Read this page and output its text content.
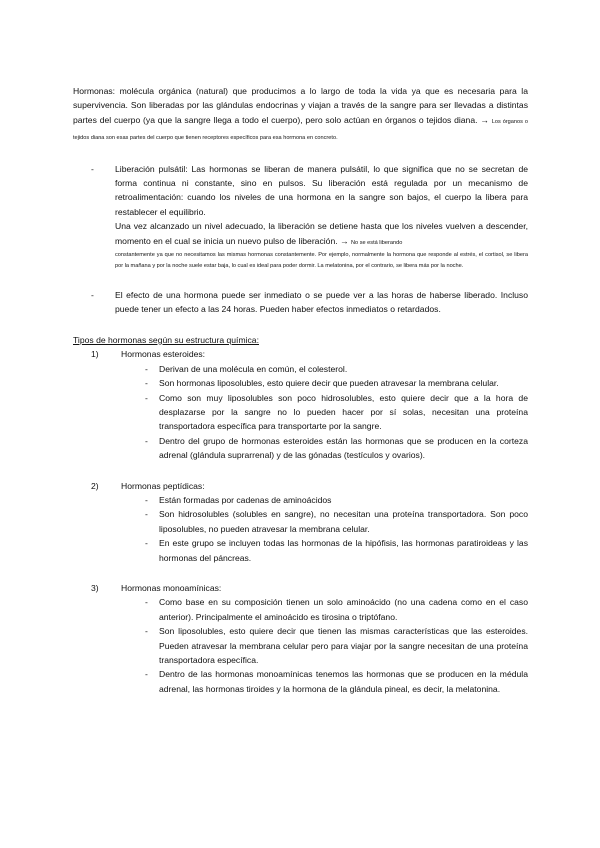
Hormonas: molécula orgánica (natural) que producimos a lo largo de toda la vida ya que es necesaria para la supervivencia. Son liberadas por las glándulas endocrinas y viajan a través de la sangre para ser llevadas a distintas partes del cuerpo (ya que la sangre llega a todo el cuerpo), pero solo actúan en órganos o tejidos diana. → Los órganos o tejidos diana son esas partes del cuerpo que tienen receptores específicos para esa hormona en concreto.

-	Liberación pulsátil: Las hormonas se liberan de manera pulsátil, lo que significa que no se secretan de forma continua ni constante, sino en pulsos. Su liberación está regulada por un mecanismo de retroalimentación: cuando los niveles de una hormona en la sangre son bajos, el cuerpo la libera para restablecer el equilibrio.

Una vez alcanzado un nivel adecuado, la liberación se detiene hasta que los niveles vuelven a descender, momento en el cual se inicia un nuevo pulso de liberación. → No se está liberando

constantemente ya que no necesitamos las mismas hormonas constantemente. Por ejemplo, normalmente la hormona que responde al estrés, el cortisol, se libera por la mañana y por la noche suele estar baja, lo cual es ideal para poder dormir. La melatonina, por el contrario, se libera más por la noche.

-	El efecto de una hormona puede ser inmediato o se puede ver a las horas de haberse liberado. Incluso puede tener un efecto a las 24 horas. Pueden haber efectos inmediatos o retardados.

Tipos de hormonas según su estructura química:

1)	Hormonas esteroides:
-	Derivan de una molécula en común, el colesterol.
-	Son hormonas liposolubles, esto quiere decir que pueden atravesar la membrana celular.
-	Como son muy liposolubles son poco hidrosolubles, esto quiere decir que a la hora de desplazarse por la sangre no lo pueden hacer por sí solas, necesitan una proteína transportadora específica para transportarte por la sangre.
-	Dentro del grupo de hormonas esteroides están las hormonas que se producen en la corteza adrenal (glándula suprarrenal) y de las gónadas (testículos y ovarios).
2)	Hormonas peptídicas:
-	Están formadas por cadenas de aminoácidos
-	Son hidrosolubles (solubles en sangre), no necesitan una proteína transportadora. Son poco liposolubles, no pueden atravesar la membrana celular.
-	En este grupo se incluyen todas las hormonas de la hipófisis, las hormonas paratiroideas y las hormonas del páncreas.
3)	Hormonas monoamínicas:
-	Como base en su composición tienen un solo aminoácido (no una cadena como en el caso anterior). Principalmente el aminoácido es tirosina o triptófano.
-	Son liposolubles, esto quiere decir que tienen las mismas características que las esteroides. Pueden atravesar la membrana celular pero para viajar por la sangre necesitan de una proteína transportadora específica.
-	Dentro de las hormonas monoamínicas tenemos las hormonas que se producen en la médula adrenal, las hormonas tiroides y la hormona de la glándula pineal, es decir, la melatonina.
